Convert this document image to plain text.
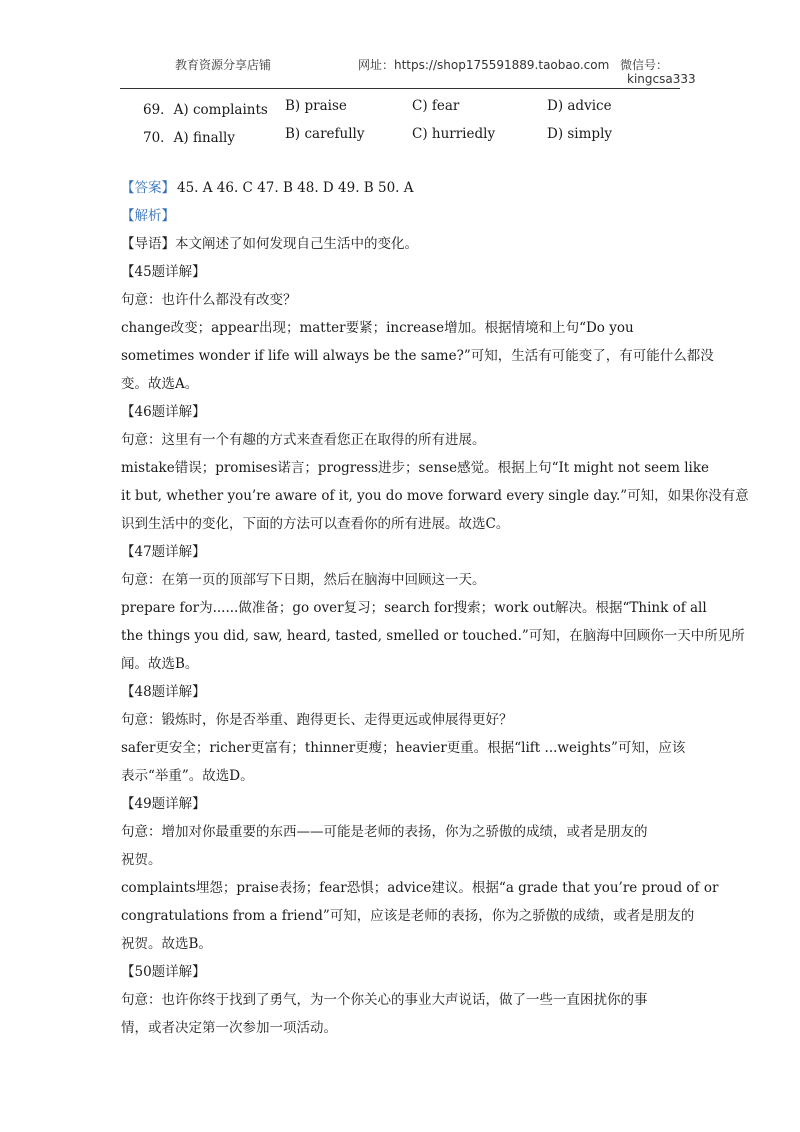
教育资源分享店铺	网址：https://shop175591889.taobao.com 微信号：
kingcsa333
69．A) complaints B) praise	C) fear	D) advice
70．A) finally	B) carefully	C) hurriedly	D) simply
【答案】 45. A 46. C 47. B 48. D 49. B 50. A
【解析】
【导语】本文阐述了如何发现自己生活中的变化。
【45题详解】
句意：也许什么都没有改变？
change改变；appear出现；matter要紧；increase增加。根据情境和上句“Do you
sometimes wonder if life will always be the same?”可知，生活有可能变了，有可能什么都没
变。故选A。
【46题详解】
句意：这里有一个有趣的方式来查看您正在取得的所有进展。
mistake错误；promises诺言；progress进步；sense感觉。根据上句“It might not seem like
it but, whether you’re aware of it, you do move forward every single day.”可知，如果你没有意
识到生活中的变化，下面的方法可以查看你的所有进展。故选C。
【47题详解】
句意：在第一页的顶部写下日期，然后在脑海中回顾这一天。
prepare for为......做准备；go over复习；search for搜索；work out解决。根据“Think of all
the things you did, saw, heard, tasted, smelled or touched.”可知，在脑海中回顾你一天中所见所
闻。故选B。
【48题详解】
句意：锻炼时，你是否举重、跑得更长、走得更远或伸展得更好？
safer更安全；richer更富有；thinner更瘦；heavier更重。根据“lift ...weights”可知，应该
表示“举重”。故选D。
【49题详解】
句意：增加对你最重要的东西——可能是老师的表扬，你为之骄傲的成绩，或者是朋友的
祝贺。
complaints埋怨；praise表扬；fear恐惧；advice建议。根据“a grade that you’re proud of or
congratulations from a friend”可知，应该是老师的表扬，你为之骄傲的成绩，或者是朋友的
祝贺。故选B。
【50题详解】
句意：也许你终于找到了勇气，为一个你关心的事业大声说话，做了一些一直困扰你的事
情，或者决定第一次参加一项活动。
